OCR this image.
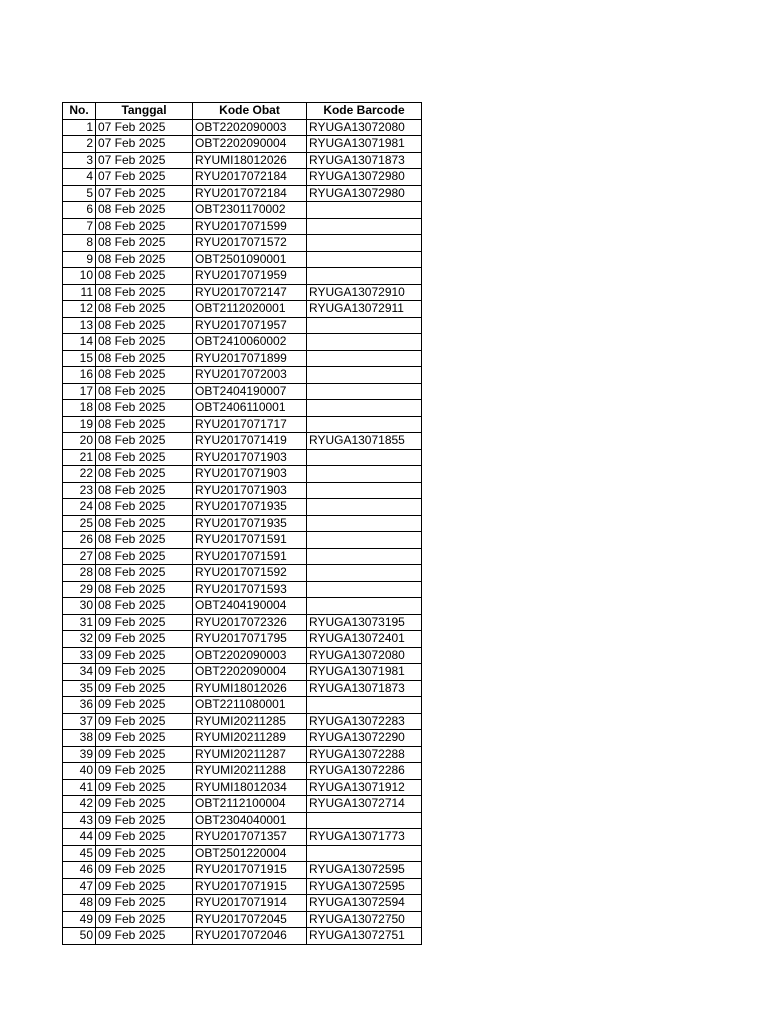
No.	Tanggal	Kode Obat	Kode Barcode
1	07 Feb 2025	OBT2202090003	RYUGA13072080
2	07 Feb 2025	OBT2202090004	RYUGA13071981
3	07 Feb 2025	RYUMI18012026	RYUGA13071873
4	07 Feb 2025	RYU2017072184	RYUGA13072980
5	07 Feb 2025	RYU2017072184	RYUGA13072980
6	08 Feb 2025	OBT2301170002	
7	08 Feb 2025	RYU2017071599	
8	08 Feb 2025	RYU2017071572	
9	08 Feb 2025	OBT2501090001	
10	08 Feb 2025	RYU2017071959	
11	08 Feb 2025	RYU2017072147	RYUGA13072910
12	08 Feb 2025	OBT2112020001	RYUGA13072911
13	08 Feb 2025	RYU2017071957	
14	08 Feb 2025	OBT2410060002	
15	08 Feb 2025	RYU2017071899	
16	08 Feb 2025	RYU2017072003	
17	08 Feb 2025	OBT2404190007	
18	08 Feb 2025	OBT2406110001	
19	08 Feb 2025	RYU2017071717	
20	08 Feb 2025	RYU2017071419	RYUGA13071855
21	08 Feb 2025	RYU2017071903	
22	08 Feb 2025	RYU2017071903	
23	08 Feb 2025	RYU2017071903	
24	08 Feb 2025	RYU2017071935	
25	08 Feb 2025	RYU2017071935	
26	08 Feb 2025	RYU2017071591	
27	08 Feb 2025	RYU2017071591	
28	08 Feb 2025	RYU2017071592	
29	08 Feb 2025	RYU2017071593	
30	08 Feb 2025	OBT2404190004	
31	09 Feb 2025	RYU2017072326	RYUGA13073195
32	09 Feb 2025	RYU2017071795	RYUGA13072401
33	09 Feb 2025	OBT2202090003	RYUGA13072080
34	09 Feb 2025	OBT2202090004	RYUGA13071981
35	09 Feb 2025	RYUMI18012026	RYUGA13071873
36	09 Feb 2025	OBT2211080001	
37	09 Feb 2025	RYUMI20211285	RYUGA13072283
38	09 Feb 2025	RYUMI20211289	RYUGA13072290
39	09 Feb 2025	RYUMI20211287	RYUGA13072288
40	09 Feb 2025	RYUMI20211288	RYUGA13072286
41	09 Feb 2025	RYUMI18012034	RYUGA13071912
42	09 Feb 2025	OBT2112100004	RYUGA13072714
43	09 Feb 2025	OBT2304040001	
44	09 Feb 2025	RYU2017071357	RYUGA13071773
45	09 Feb 2025	OBT2501220004	
46	09 Feb 2025	RYU2017071915	RYUGA13072595
47	09 Feb 2025	RYU2017071915	RYUGA13072595
48	09 Feb 2025	RYU2017071914	RYUGA13072594
49	09 Feb 2025	RYU2017072045	RYUGA13072750
50	09 Feb 2025	RYU2017072046	RYUGA13072751
